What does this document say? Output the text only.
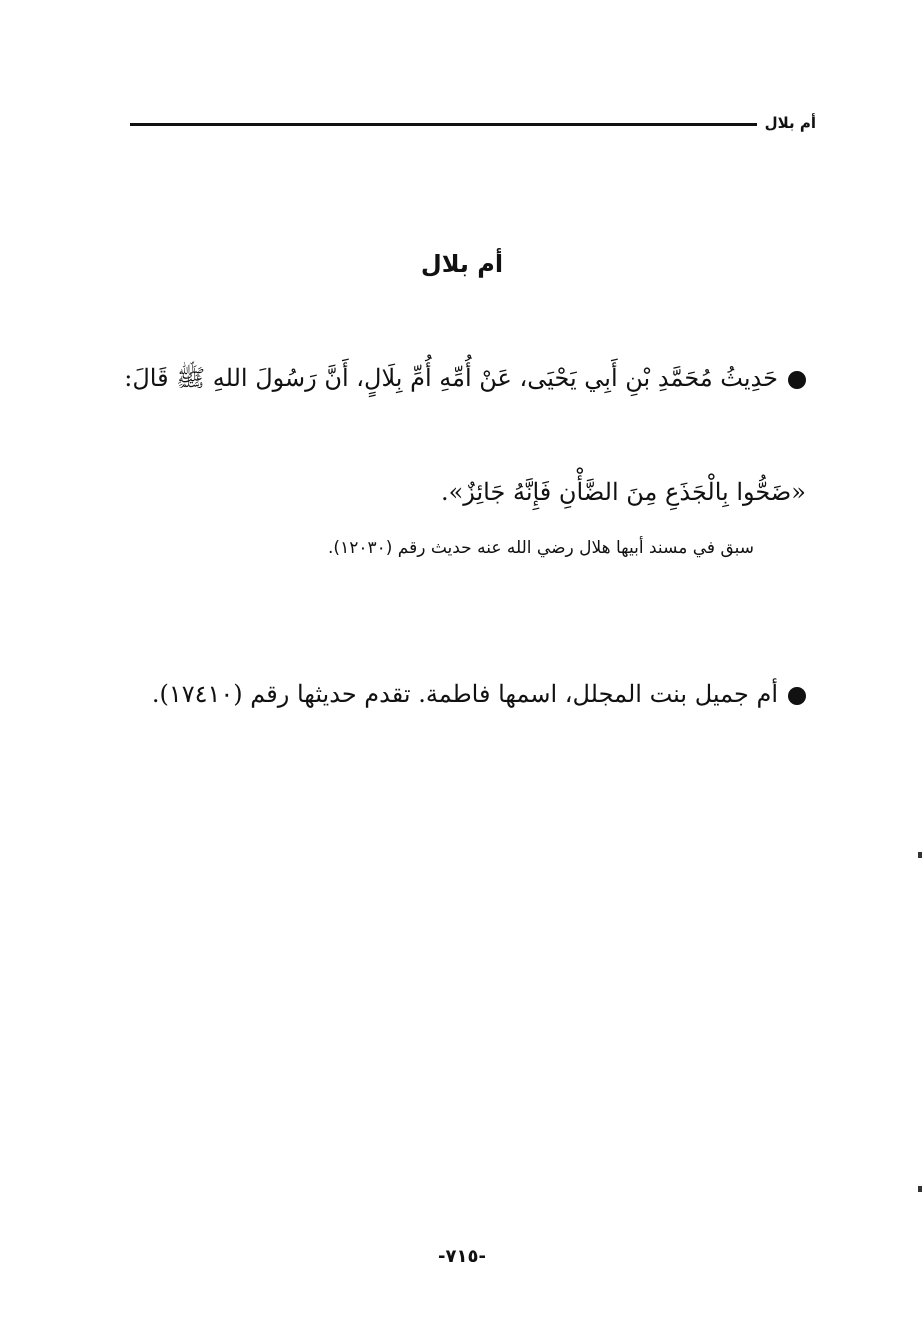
أم بلال
أم بلال
حَدِيثُ مُحَمَّدِ بْنِ أَبِي يَحْيَى، عَنْ أُمِّهِ أُمِّ بِلَالٍ، أَنَّ رَسُولَ اللهِ ﷺ قَالَ:
«ضَحُّوا بِالْجَذَعِ مِنَ الضَّأْنِ فَإِنَّهُ جَائِزٌ».
سبق في مسند أبيها هلال رضي الله عنه حديث رقم (١٢٠٣٠).
أم جميل بنت المجلل، اسمها فاطمة. تقدم حديثها رقم (١٧٤١٠).
-٧١٥-
